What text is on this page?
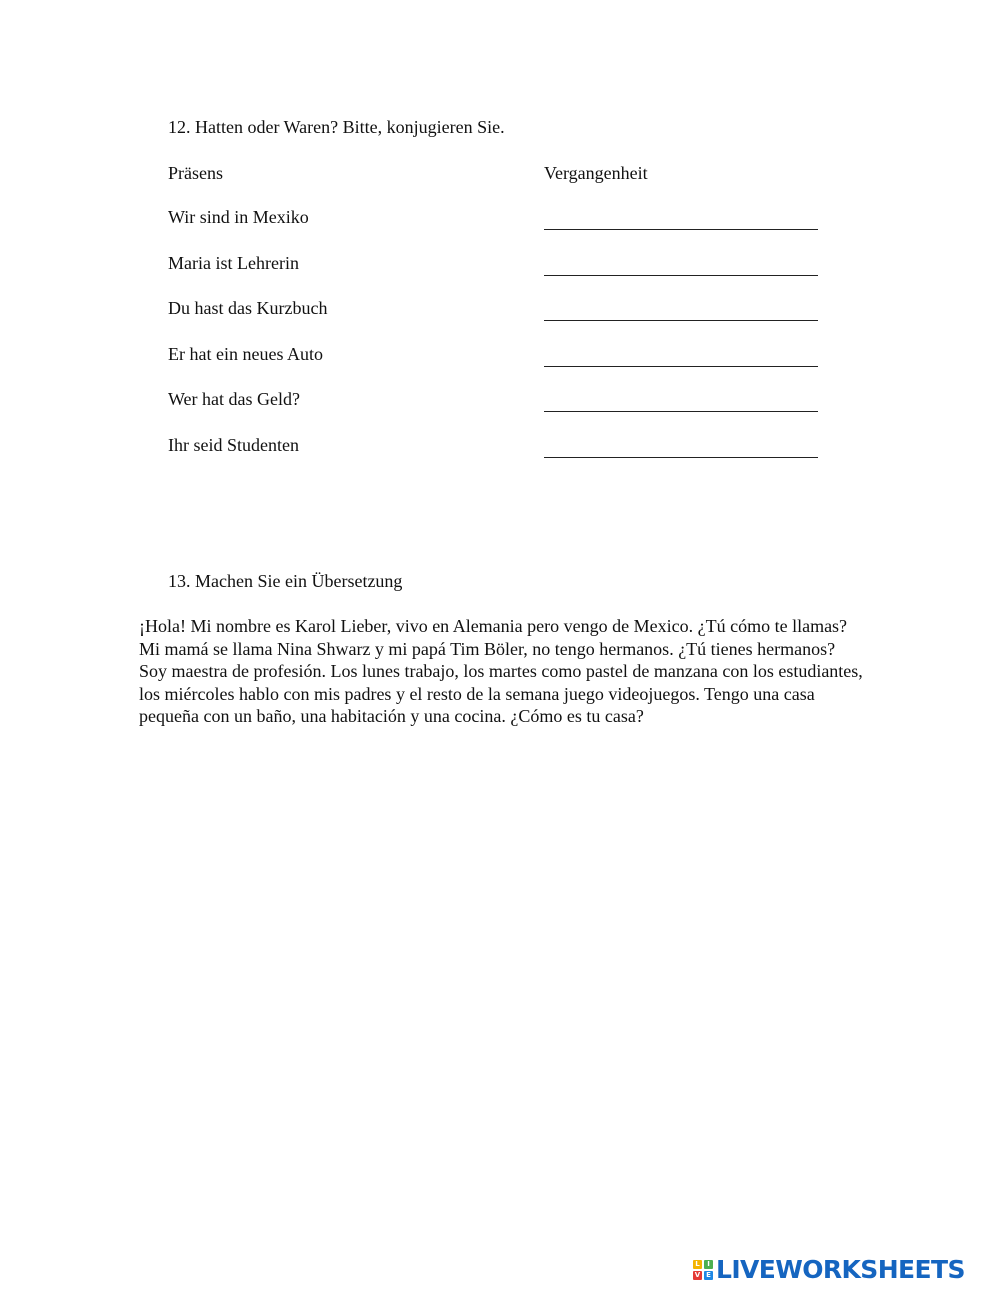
12. Hatten oder Waren? Bitte, konjugieren Sie.
Präsens	Vergangenheit
Wir sind in Mexiko
Maria ist Lehrerin
Du hast das Kurzbuch
Er hat ein neues Auto
Wer hat das Geld?
Ihr seid Studenten
13. Machen Sie ein Übersetzung

¡Hola! Mi nombre es Karol Lieber, vivo en Alemania pero vengo de Mexico. ¿Tú cómo te llamas? Mi mamá se llama Nina Shwarz y mi papá Tim Böler, no tengo hermanos. ¿Tú tienes hermanos? Soy maestra de profesión. Los lunes trabajo, los martes como pastel de manzana con los estudiantes, los miércoles hablo con mis padres y el resto de la semana juego videojuegos. Tengo una casa pequeña con un baño, una habitación y una cocina. ¿Cómo es tu casa?

L	I
V E LIVEWORKSHEETS
